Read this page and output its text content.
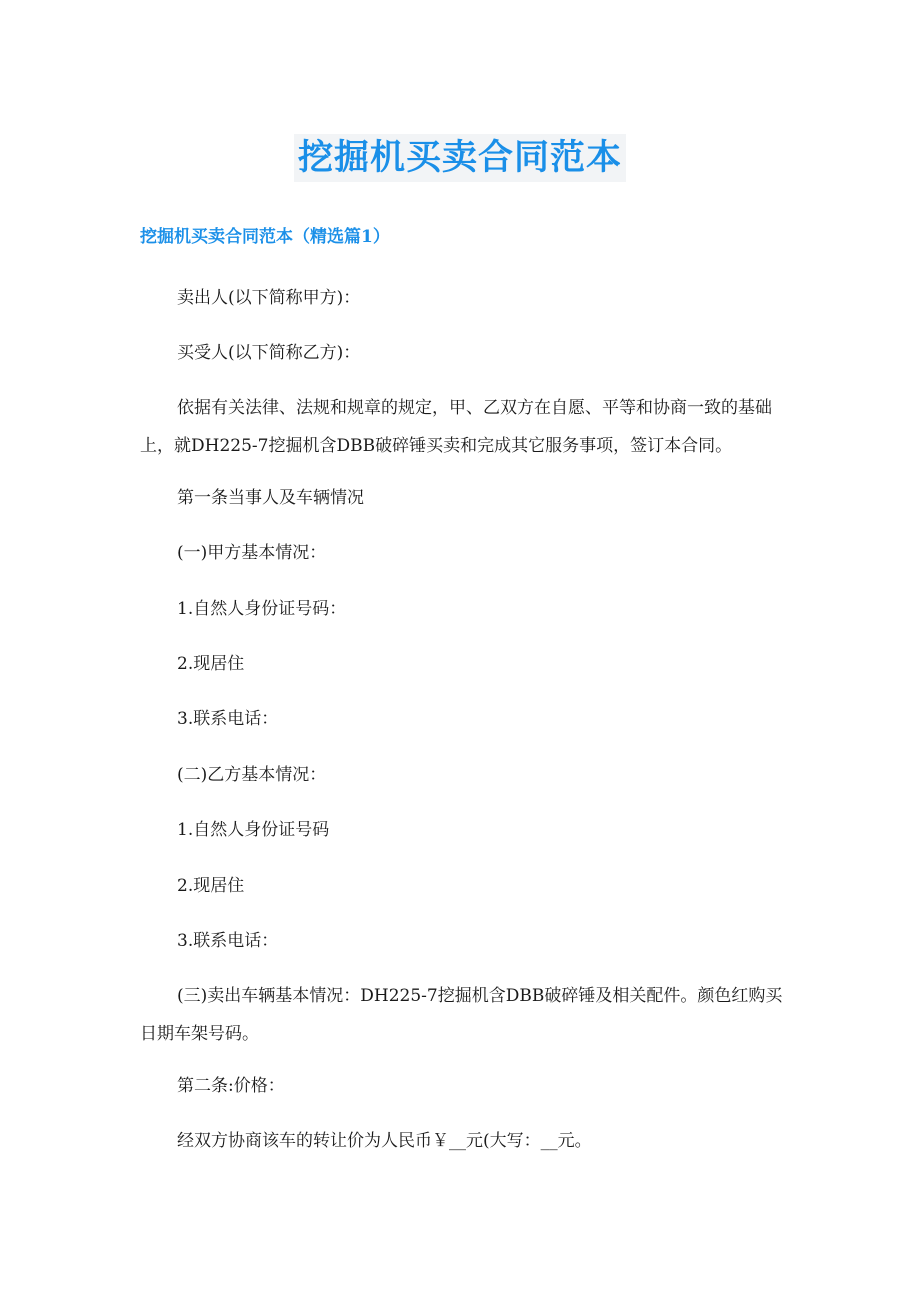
挖掘机买卖合同范本
挖掘机买卖合同范本（精选篇1）

卖出人(以下简称甲方)：

买受人(以下简称乙方)：

依据有关法律、法规和规章的规定，甲、乙双方在自愿、平等和协商一致的基础上，就DH225-7挖掘机含DBB破碎锤买卖和完成其它服务事项，签订本合同。

第一条当事人及车辆情况

(一)甲方基本情况：

1.自然人身份证号码：

2.现居住

3.联系电话：

(二)乙方基本情况：

1.自然人身份证号码

2.现居住

3.联系电话：

(三)卖出车辆基本情况：DH225-7挖掘机含DBB破碎锤及相关配件。颜色红购买日期车架号码。

第二条:价格：

经双方协商该车的转让价为人民币￥__元(大写：__元。
